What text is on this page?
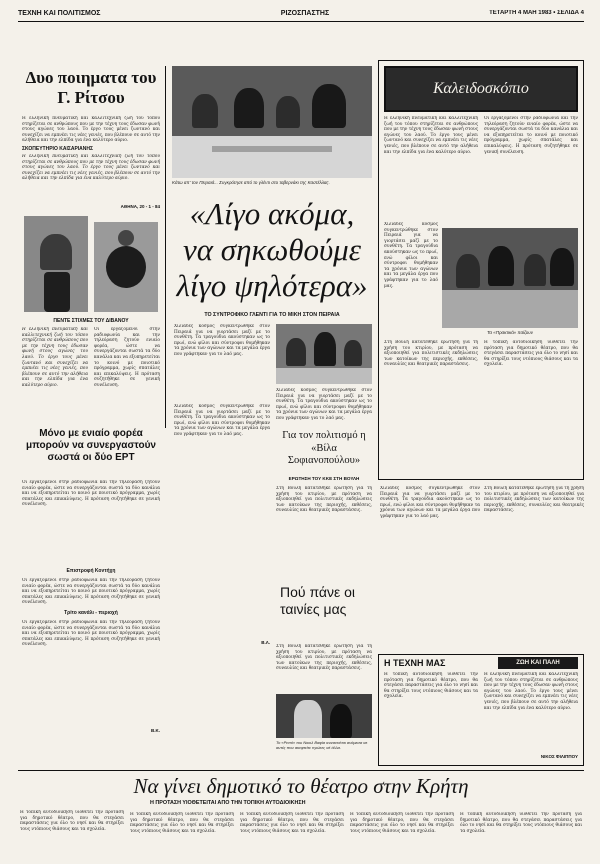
ΤΕΧΝΗ ΚΑΙ ΠΟΛΙΤΙΣΜΟΣ	ΡΙΖΟΣΠΑΣΤΗΣ	ΤΕΤΑΡΤΗ 4 ΜΑΗ 1983 • ΣΕΛΙΔΑ 4
Δυο ποιηματα του Γ. Ρίτσου
Η ελληνική πνευματική και καλλιτεχνική ζωή του τόπου στηρίζεται σε ανθρώπους που με την τέχνη τους έδωσαν φωνή στους αγώνες του λαού. Το έργο τους μένει ζωντανό και συνεχίζει να εμπνέει τις νέες γενιές, που βλέπουν σε αυτό την αλήθεια και την ελπίδα για ένα καλύτερο αύριο.
ΣΚΟΠΕΥΤΗΡΙΟ ΚΑΙΣΑΡΙΑΝΗΣ
Η ελληνική πνευματική και καλλιτεχνική ζωή του τόπου στηρίζεται σε ανθρώπους που με την τέχνη τους έδωσαν φωνή στους αγώνες του λαού. Το έργο τους μένει ζωντανό και συνεχίζει να εμπνέει τις νέες γενιές, που βλέπουν σε αυτό την αλήθεια και την ελπίδα για ένα καλύτερο αύριο.
ΑΘΗΝΑ, 20 - 1 - 84
ΠΕΝΤΕ ΣΤΙΧΜΕΣ ΤΟΥ ΔΙΒΑΝΟΥ
Η ελληνική πνευματική και καλλιτεχνική ζωή του τόπου στηρίζεται σε ανθρώπους που με την τέχνη τους έδωσαν φωνή στους αγώνες του λαού. Το έργο τους μένει ζωντανό και συνεχίζει να εμπνέει τις νέες γενιές, που βλέπουν σε αυτό την αλήθεια και την ελπίδα για ένα καλύτερο αύριο.
Οι εργαζόμενοι στην ραδιοφωνία και την τηλεόραση ζητούν ενιαίο φορέα, ώστε να συνεργάζονται σωστά τα δύο κανάλια και να εξυπηρετείται το κοινό με ποιοτικό πρόγραμμα, χωρίς σπατάλες και επικαλύψεις. Η πρόταση συζητήθηκε σε γενική συνέλευση.
Μόνο με ενιαίο φορέα μπορούν να συνεργαστούν σωστά οι δύο ΕΡΤ
Οι εργαζόμενοι στην ραδιοφωνία και την τηλεόραση ζητούν ενιαίο φορέα, ώστε να συνεργάζονται σωστά τα δύο κανάλια και να εξυπηρετείται το κοινό με ποιοτικό πρόγραμμα, χωρίς σπατάλες και επικαλύψεις. Η πρόταση συζητήθηκε σε γενική συνέλευση.
Επιστροφή Κοντήχη
Οι εργαζόμενοι στην ραδιοφωνία και την τηλεόραση ζητούν ενιαίο φορέα, ώστε να συνεργάζονται σωστά τα δύο κανάλια και να εξυπηρετείται το κοινό με ποιοτικό πρόγραμμα, χωρίς σπατάλες και επικαλύψεις. Η πρόταση συζητήθηκε σε γενική συνέλευση.
Τρίτο κανάλι - περιοχή
Οι εργαζόμενοι στην ραδιοφωνία και την τηλεόραση ζητούν ενιαίο φορέα, ώστε να συνεργάζονται σωστά τα δύο κανάλια και να εξυπηρετείται το κοινό με ποιοτικό πρόγραμμα, χωρίς σπατάλες και επικαλύψεις. Η πρόταση συζητήθηκε σε γενική συνέλευση.
Β.Κ.
Κάτω απ' τον Πειραιά... Συγκρότησε από το γλέντι στο ταβερνάκι της Καστέλλας.
«Λίγο ακόμα, να σηκωθούμε λίγο ψηλότερα»
ΤΟ ΣΥΝΤΡΟΦΙΚΟ ΓΛΕΝΤΙ ΓΙΑ ΤΟ ΜΙΚΗ ΣΤΟΝ ΠΕΙΡΑΙΑ
Χιλιάδες κόσμος συγκεντρώθηκε στον Πειραιά για να γιορτάσει μαζί με το συνθέτη. Τα τραγούδια ακούστηκαν ως το πρωί, ενώ φίλοι και σύντροφοι θυμήθηκαν τα χρόνια των αγώνων και τα μεγάλα έργα που γράφτηκαν για το λαό μας.
Χιλιάδες κόσμος συγκεντρώθηκε στον Πειραιά για να γιορτάσει μαζί με το συνθέτη. Τα τραγούδια ακούστηκαν ως το πρωί, ενώ φίλοι και σύντροφοι θυμήθηκαν τα χρόνια των αγώνων και τα μεγάλα έργα που γράφτηκαν για το λαό μας.
Χιλιάδες κόσμος συγκεντρώθηκε στον Πειραιά για να γιορτάσει μαζί με το συνθέτη. Τα τραγούδια ακούστηκαν ως το πρωί, ενώ φίλοι και σύντροφοι θυμήθηκαν τα χρόνια των αγώνων και τα μεγάλα έργα που γράφτηκαν για το λαό μας.
Β.Λ.
Για τον πολιτισμό η «Βίλα Σοφιανοπούλου»
ΕΡΩΤΗΣΗ ΤΟΥ ΚΚΕ ΣΤΗ ΒΟΥΛΗ
Στη Βουλή κατατέθηκε ερώτηση για τη χρήση του κτιρίου, με πρόταση να αξιοποιηθεί για πολιτιστικές εκδηλώσεις των κατοίκων της περιοχής, εκθέσεις, συναυλίες και θεατρικές παραστάσεις.
Πού πάνε οι ταινίες μας
Στη Βουλή κατατέθηκε ερώτηση για τη χρήση του κτιρίου, με πρόταση να αξιοποιηθεί για πολιτιστικές εκδηλώσεις των κατοίκων της περιοχής, εκθέσεις, συναυλίες και θεατρικές παραστάσεις.
Το «Ρεπό» του Νικολ Βαφία συναντιέται ανάμεσα σε αυτές που σκεφτείτε πρώτες σέ άλλα.
Καλειδοσκόπιο
Η ελληνική πνευματική και καλλιτεχνική ζωή του τόπου στηρίζεται σε ανθρώπους που με την τέχνη τους έδωσαν φωνή στους αγώνες του λαού. Το έργο τους μένει ζωντανό και συνεχίζει να εμπνέει τις νέες γενιές, που βλέπουν σε αυτό την αλήθεια και την ελπίδα για ένα καλύτερο αύριο.
Οι εργαζόμενοι στην ραδιοφωνία και την τηλεόραση ζητούν ενιαίο φορέα, ώστε να συνεργάζονται σωστά τα δύο κανάλια και να εξυπηρετείται το κοινό με ποιοτικό πρόγραμμα, χωρίς σπατάλες και επικαλύψεις. Η πρόταση συζητήθηκε σε γενική συνέλευση.
Χιλιάδες κόσμος συγκεντρώθηκε στον Πειραιά για να γιορτάσει μαζί με το συνθέτη. Τα τραγούδια ακούστηκαν ως το πρωί, ενώ φίλοι και σύντροφοι θυμήθηκαν τα χρόνια των αγώνων και τα μεγάλα έργα που γράφτηκαν για το λαό μας.
Τα «Πρακτικά» παίζουν
Στη Βουλή κατατέθηκε ερώτηση για τη χρήση του κτιρίου, με πρόταση να αξιοποιηθεί για πολιτιστικές εκδηλώσεις των κατοίκων της περιοχής, εκθέσεις, συναυλίες και θεατρικές παραστάσεις.
Η τοπική αυτοδιοίκηση υιοθετεί την πρόταση για δημοτικό θέατρο, που θα στεγάσει παραστάσεις για όλο το νησί και θα στηρίξει τους ντόπιους θιάσους και τα σχολεία.
Χιλιάδες κόσμος συγκεντρώθηκε στον Πειραιά για να γιορτάσει μαζί με το συνθέτη. Τα τραγούδια ακούστηκαν ως το πρωί, ενώ φίλοι και σύντροφοι θυμήθηκαν τα χρόνια των αγώνων και τα μεγάλα έργα που γράφτηκαν για το λαό μας.
Στη Βουλή κατατέθηκε ερώτηση για τη χρήση του κτιρίου, με πρόταση να αξιοποιηθεί για πολιτιστικές εκδηλώσεις των κατοίκων της περιοχής, εκθέσεις, συναυλίες και θεατρικές παραστάσεις.
Η ΤΕΧΝΗ ΜΑΣ	ΖΩΗ ΚΑΙ ΠΑΛΗ
Η τοπική αυτοδιοίκηση υιοθετεί την πρόταση για δημοτικό θέατρο, που θα στεγάσει παραστάσεις για όλο το νησί και θα στηρίξει τους ντόπιους θιάσους και τα σχολεία.
Η ελληνική πνευματική και καλλιτεχνική ζωή του τόπου στηρίζεται σε ανθρώπους που με την τέχνη τους έδωσαν φωνή στους αγώνες του λαού. Το έργο τους μένει ζωντανό και συνεχίζει να εμπνέει τις νέες γενιές, που βλέπουν σε αυτό την αλήθεια και την ελπίδα για ένα καλύτερο αύριο.
ΝΙΚΟΣ ΦΙΛΙΠΠΟΥ
Να γίνει δημοτικό το θέατρο στην Κρήτη
Η ΠΡΟΤΑΣΗ ΥΙΟΘΕΤΕΙΤΑΙ ΑΠΟ ΤΗΝ ΤΟΠΙΚΗ ΑΥΤΟΔΙΟΙΚΗΣΗ
Η τοπική αυτοδιοίκηση υιοθετεί την πρόταση για δημοτικό θέατρο, που θα στεγάσει παραστάσεις για όλο το νησί και θα στηρίξει τους ντόπιους θιάσους και τα σχολεία.
Η τοπική αυτοδιοίκηση υιοθετεί την πρόταση για δημοτικό θέατρο, που θα στεγάσει παραστάσεις για όλο το νησί και θα στηρίξει τους ντόπιους θιάσους και τα σχολεία.
Η τοπική αυτοδιοίκηση υιοθετεί την πρόταση για δημοτικό θέατρο, που θα στεγάσει παραστάσεις για όλο το νησί και θα στηρίξει τους ντόπιους θιάσους και τα σχολεία.
Η τοπική αυτοδιοίκηση υιοθετεί την πρόταση για δημοτικό θέατρο, που θα στεγάσει παραστάσεις για όλο το νησί και θα στηρίξει τους ντόπιους θιάσους και τα σχολεία.
Η τοπική αυτοδιοίκηση υιοθετεί την πρόταση για δημοτικό θέατρο, που θα στεγάσει παραστάσεις για όλο το νησί και θα στηρίξει τους ντόπιους θιάσους και τα σχολεία.
